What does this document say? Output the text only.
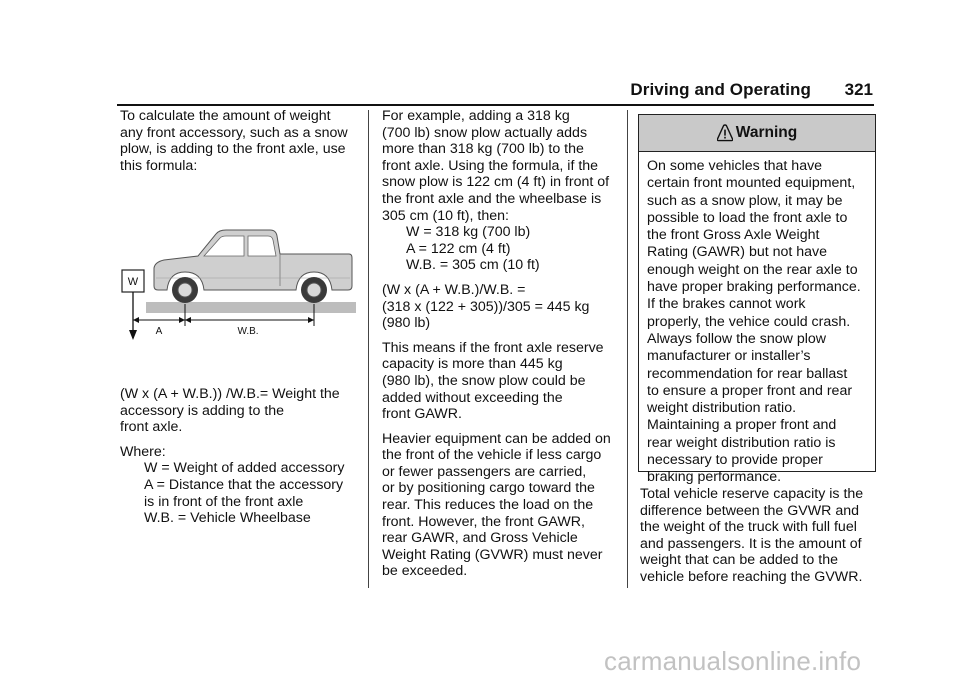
Driving and Operating 321

To calculate the amount of weight
any front accessory, such as a snow
plow, is adding to the front axle, use
this formula:

W
A	W.B.

(W x (A + W.B.)) /W.B.= Weight the
accessory is adding to the
front axle.

Where:
W = Weight of added accessory
A = Distance that the accessory
is in front of the front axle
W.B. = Vehicle Wheelbase

For example, adding a 318 kg
(700 lb) snow plow actually adds
more than 318 kg (700 lb) to the
front axle. Using the formula, if the
snow plow is 122 cm (4 ft) in front of
the front axle and the wheelbase is
305 cm (10 ft), then:

W = 318 kg (700 lb)
A = 122 cm (4 ft)
W.B. = 305 cm (10 ft)

(W x (A + W.B.)/W.B. =
(318 x (122 + 305))/305 = 445 kg
(980 lb)

This means if the front axle reserve
capacity is more than 445 kg
(980 lb), the snow plow could be
added without exceeding the
front GAWR.

Heavier equipment can be added on
the front of the vehicle if less cargo
or fewer passengers are carried,
or by positioning cargo toward the
rear. This reduces the load on the
front. However, the front GAWR,
rear GAWR, and Gross Vehicle
Weight Rating (GVWR) must never
be exceeded.

Warning
On some vehicles that have
certain front mounted equipment,
such as a snow plow, it may be
possible to load the front axle to
the front Gross Axle Weight
Rating (GAWR) but not have
enough weight on the rear axle to
have proper braking performance.
If the brakes cannot work
properly, the vehice could crash.
Always follow the snow plow
manufacturer or installer’s
recommendation for rear ballast
to ensure a proper front and rear
weight distribution ratio.
Maintaining a proper front and
rear weight distribution ratio is
necessary to provide proper
braking performance.

Total vehicle reserve capacity is the
difference between the GVWR and
the weight of the truck with full fuel
and passengers. It is the amount of
weight that can be added to the
vehicle before reaching the GVWR.

carmanualsonline.info
